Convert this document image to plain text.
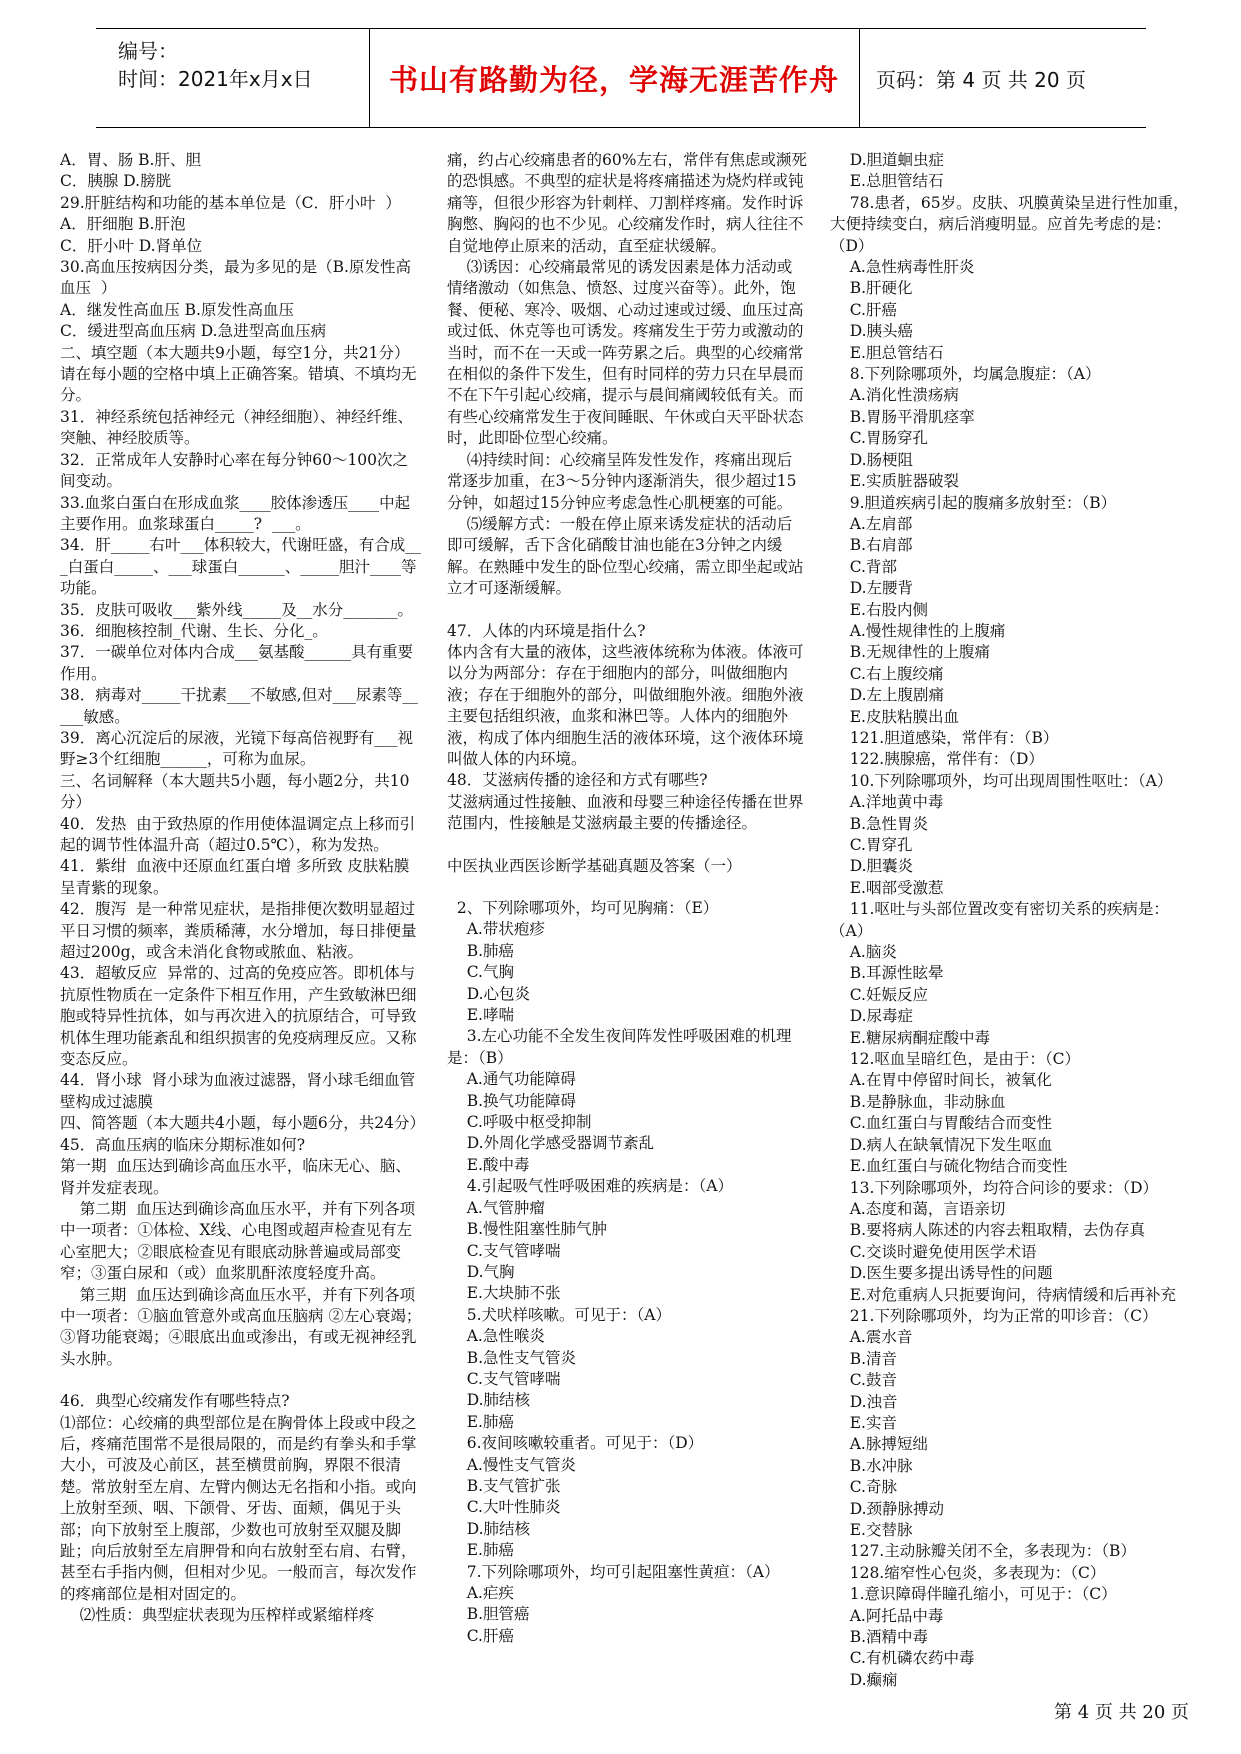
编号：
时间：2021年x月x日	书山有路勤为径，学海无涯苦作舟	页码：第 4 页 共 20 页
A．胃、肠 B.肝、胆
C．胰腺 D.膀胱
29.肝脏结构和功能的基本单位是（C．肝小叶  ）
A．肝细胞 B.肝泡
C．肝小叶 D.肾单位
30.高血压按病因分类，最为多见的是（B.原发性高血压  ）
A．继发性高血压 B.原发性高血压
C．缓进型高血压病 D.急进型高血压病
二、填空题（本大题共9小题，每空1分，共21分）
请在每小题的空格中填上正确答案。错填、不填均无分。
31．神经系统包括神经元（神经细胞）、神经纤维、突触、神经胶质等。
32．正常成年人安静时心率在每分钟60～100次之间变动。
33.血浆白蛋白在形成血浆____胶体渗透压____中起主要作用。血浆球蛋白_____?  ___。
34．肝_____右叶___体积较大，代谢旺盛，有合成___白蛋白_____、___球蛋白______、_____胆汁____等功能。
35．皮肤可吸收___紫外线_____及__水分_______。
36．细胞核控制_代谢、生长、分化_。
37．一碳单位对体内合成___氨基酸______具有重要作用。
38．病毒对_____干扰素___不敏感,但对___尿素等_____敏感。
39．离心沉淀后的尿液，光镜下每高倍视野有___视野≥3个红细胞______，可称为血尿。
三、名词解释（本大题共5小题，每小题2分，共10分）
40．发热  由于致热原的作用使体温调定点上移而引起的调节性体温升高（超过0.5℃），称为发热。
41．紫绀  血液中还原血红蛋白增 多所致 皮肤粘膜呈青紫的现象。
42．腹泻  是一种常见症状，是指排便次数明显超过平日习惯的频率，粪质稀薄，水分增加，每日排便量超过200g，或含未消化食物或脓血、粘液。
43．超敏反应  异常的、过高的免疫应答。即机体与抗原性物质在一定条件下相互作用，产生致敏淋巴细胞或特异性抗体，如与再次进入的抗原结合，可导致机体生理功能紊乱和组织损害的免疫病理反应。又称变态反应。
44．肾小球  肾小球为血液过滤器，肾小球毛细血管壁构成过滤膜
四、简答题（本大题共4小题，每小题6分，共24分）
45．高血压病的临床分期标准如何?
第一期  血压达到确诊高血压水平，临床无心、脑、肾并发症表现。
第二期  血压达到确诊高血压水平，并有下列各项中一项者：①体检、X线、心电图或超声检查见有左心室肥大；②眼底检查见有眼底动脉普遍或局部变窄；③蛋白尿和（或）血浆肌酐浓度轻度升高。
第三期  血压达到确诊高血压水平，并有下列各项中一项者：①脑血管意外或高血压脑病 ②左心衰竭；③肾功能衰竭；④眼底出血或渗出，有或无视神经乳头水肿。
46．典型心绞痛发作有哪些特点?
⑴部位：心绞痛的典型部位是在胸骨体上段或中段之后，疼痛范围常不是很局限的，而是约有拳头和手掌大小，可波及心前区，甚至横贯前胸，界限不很清楚。常放射至左肩、左臂内侧达无名指和小指。或向上放射至颈、咽、下颌骨、牙齿、面颊，偶见于头部；向下放射至上腹部，少数也可放射至双腿及脚趾；向后放射至左肩胛骨和向右放射至右肩、右臂，甚至右手指内侧，但相对少见。一般而言，每次发作的疼痛部位是相对固定的。
⑵性质：典型症状表现为压榨样或紧缩样疼
痛，约占心绞痛患者的60%左右，常伴有焦虑或濒死的恐惧感。不典型的症状是将疼痛描述为烧灼样或钝痛等，但很少形容为针刺样、刀割样疼痛。发作时诉胸憋、胸闷的也不少见。心绞痛发作时，病人往往不自觉地停止原来的活动，直至症状缓解。
⑶诱因：心绞痛最常见的诱发因素是体力活动或情绪激动（如焦急、愤怒、过度兴奋等）。此外，饱餐、便秘、寒冷、吸烟、心动过速或过缓、血压过高或过低、休克等也可诱发。疼痛发生于劳力或激动的当时，而不在一天或一阵劳累之后。典型的心绞痛常在相似的条件下发生，但有时同样的劳力只在早晨而不在下午引起心绞痛，提示与晨间痛阈较低有关。而有些心绞痛常发生于夜间睡眠、午休或白天平卧状态时，此即卧位型心绞痛。
⑷持续时间：心绞痛呈阵发性发作，疼痛出现后常逐步加重，在3～5分钟内逐渐消失，很少超过15分钟，如超过15分钟应考虑急性心肌梗塞的可能。
⑸缓解方式：一般在停止原来诱发症状的活动后即可缓解，舌下含化硝酸甘油也能在3分钟之内缓解。在熟睡中发生的卧位型心绞痛，需立即坐起或站立才可逐渐缓解。
47．人体的内环境是指什么?
体内含有大量的液体，这些液体统称为体液。体液可以分为两部分：存在于细胞内的部分，叫做细胞内液；存在于细胞外的部分，叫做细胞外液。细胞外液主要包括组织液，血浆和淋巴等。人体内的细胞外液，构成了体内细胞生活的液体环境，这个液体环境叫做人体的内环境。
48．艾滋病传播的途径和方式有哪些?
艾滋病通过性接触、血液和母婴三种途径传播在世界范围内，性接触是艾滋病最主要的传播途径。
中医执业西医诊断学基础真题及答案（一）
2、下列除哪项外，均可见胸痛：（E）
A.带状疱疹
B.肺癌
C.气胸
D.心包炎
E.哮喘
3.左心功能不全发生夜间阵发性呼吸困难的机理是：（B）
A.通气功能障碍
B.换气功能障碍
C.呼吸中枢受抑制
D.外周化学感受器调节紊乱
E.酸中毒
4.引起吸气性呼吸困难的疾病是：（A）
A.气管肿瘤
B.慢性阻塞性肺气肿
C.支气管哮喘
D.气胸
E.大块肺不张
5.犬吠样咳嗽。可见于：（A）
A.急性喉炎
B.急性支气管炎
C.支气管哮喘
D.肺结核
E.肺癌
6.夜间咳嗽较重者。可见于：（D）
A.慢性支气管炎
B.支气管扩张
C.大叶性肺炎
D.肺结核
E.肺癌
7.下列除哪项外，均可引起阻塞性黄疸：（A）
A.疟疾
B.胆管癌
C.肝癌
D.胆道蛔虫症
E.总胆管结石
78.患者，65岁。皮肤、巩膜黄染呈进行性加重，大便持续变白，病后消瘦明显。应首先考虑的是：（D）
A.急性病毒性肝炎
B.肝硬化
C.肝癌
D.胰头癌
E.胆总管结石
8.下列除哪项外，均属急腹症：（A）
A.消化性溃疡病
B.胃肠平滑肌痉挛
C.胃肠穿孔
D.肠梗阻
E.实质脏器破裂
9.胆道疾病引起的腹痛多放射至：（B）
A.左肩部
B.右肩部
C.背部
D.左腰背
E.右股内侧
A.慢性规律性的上腹痛
B.无规律性的上腹痛
C.右上腹绞痛
D.左上腹剧痛
E.皮肤粘膜出血
121.胆道感染，常伴有：（B）
122.胰腺癌，常伴有：（D）
10.下列除哪项外，均可出现周围性呕吐：（A）
A.洋地黄中毒
B.急性胃炎
C.胃穿孔
D.胆囊炎
E.咽部受激惹
11.呕吐与头部位置改变有密切关系的疾病是：（A）
A.脑炎
B.耳源性眩晕
C.妊娠反应
D.尿毒症
E.糖尿病酮症酸中毒
12.呕血呈暗红色，是由于：（C）
A.在胃中停留时间长，被氧化
B.是静脉血，非动脉血
C.血红蛋白与胃酸结合而变性
D.病人在缺氧情况下发生呕血
E.血红蛋白与硫化物结合而变性
13.下列除哪项外，均符合问诊的要求：（D）
A.态度和蔼，言语亲切
B.要将病人陈述的内容去粗取精，去伪存真
C.交谈时避免使用医学术语
D.医生要多提出诱导性的问题
E.对危重病人只扼要询问，待病情缓和后再补充
21.下列除哪项外，均为正常的叩诊音：（C）
A.震水音
B.清音
C.鼓音
D.浊音
E.实音
A.脉搏短绌
B.水冲脉
C.奇脉
D.颈静脉搏动
E.交替脉
127.主动脉瓣关闭不全，多表现为：（B）
128.缩窄性心包炎，多表现为：（C）
1.意识障碍伴瞳孔缩小，可见于：（C）
A.阿托品中毒
B.酒精中毒
C.有机磷农药中毒
D.癫痫
第 4 页 共 20 页
